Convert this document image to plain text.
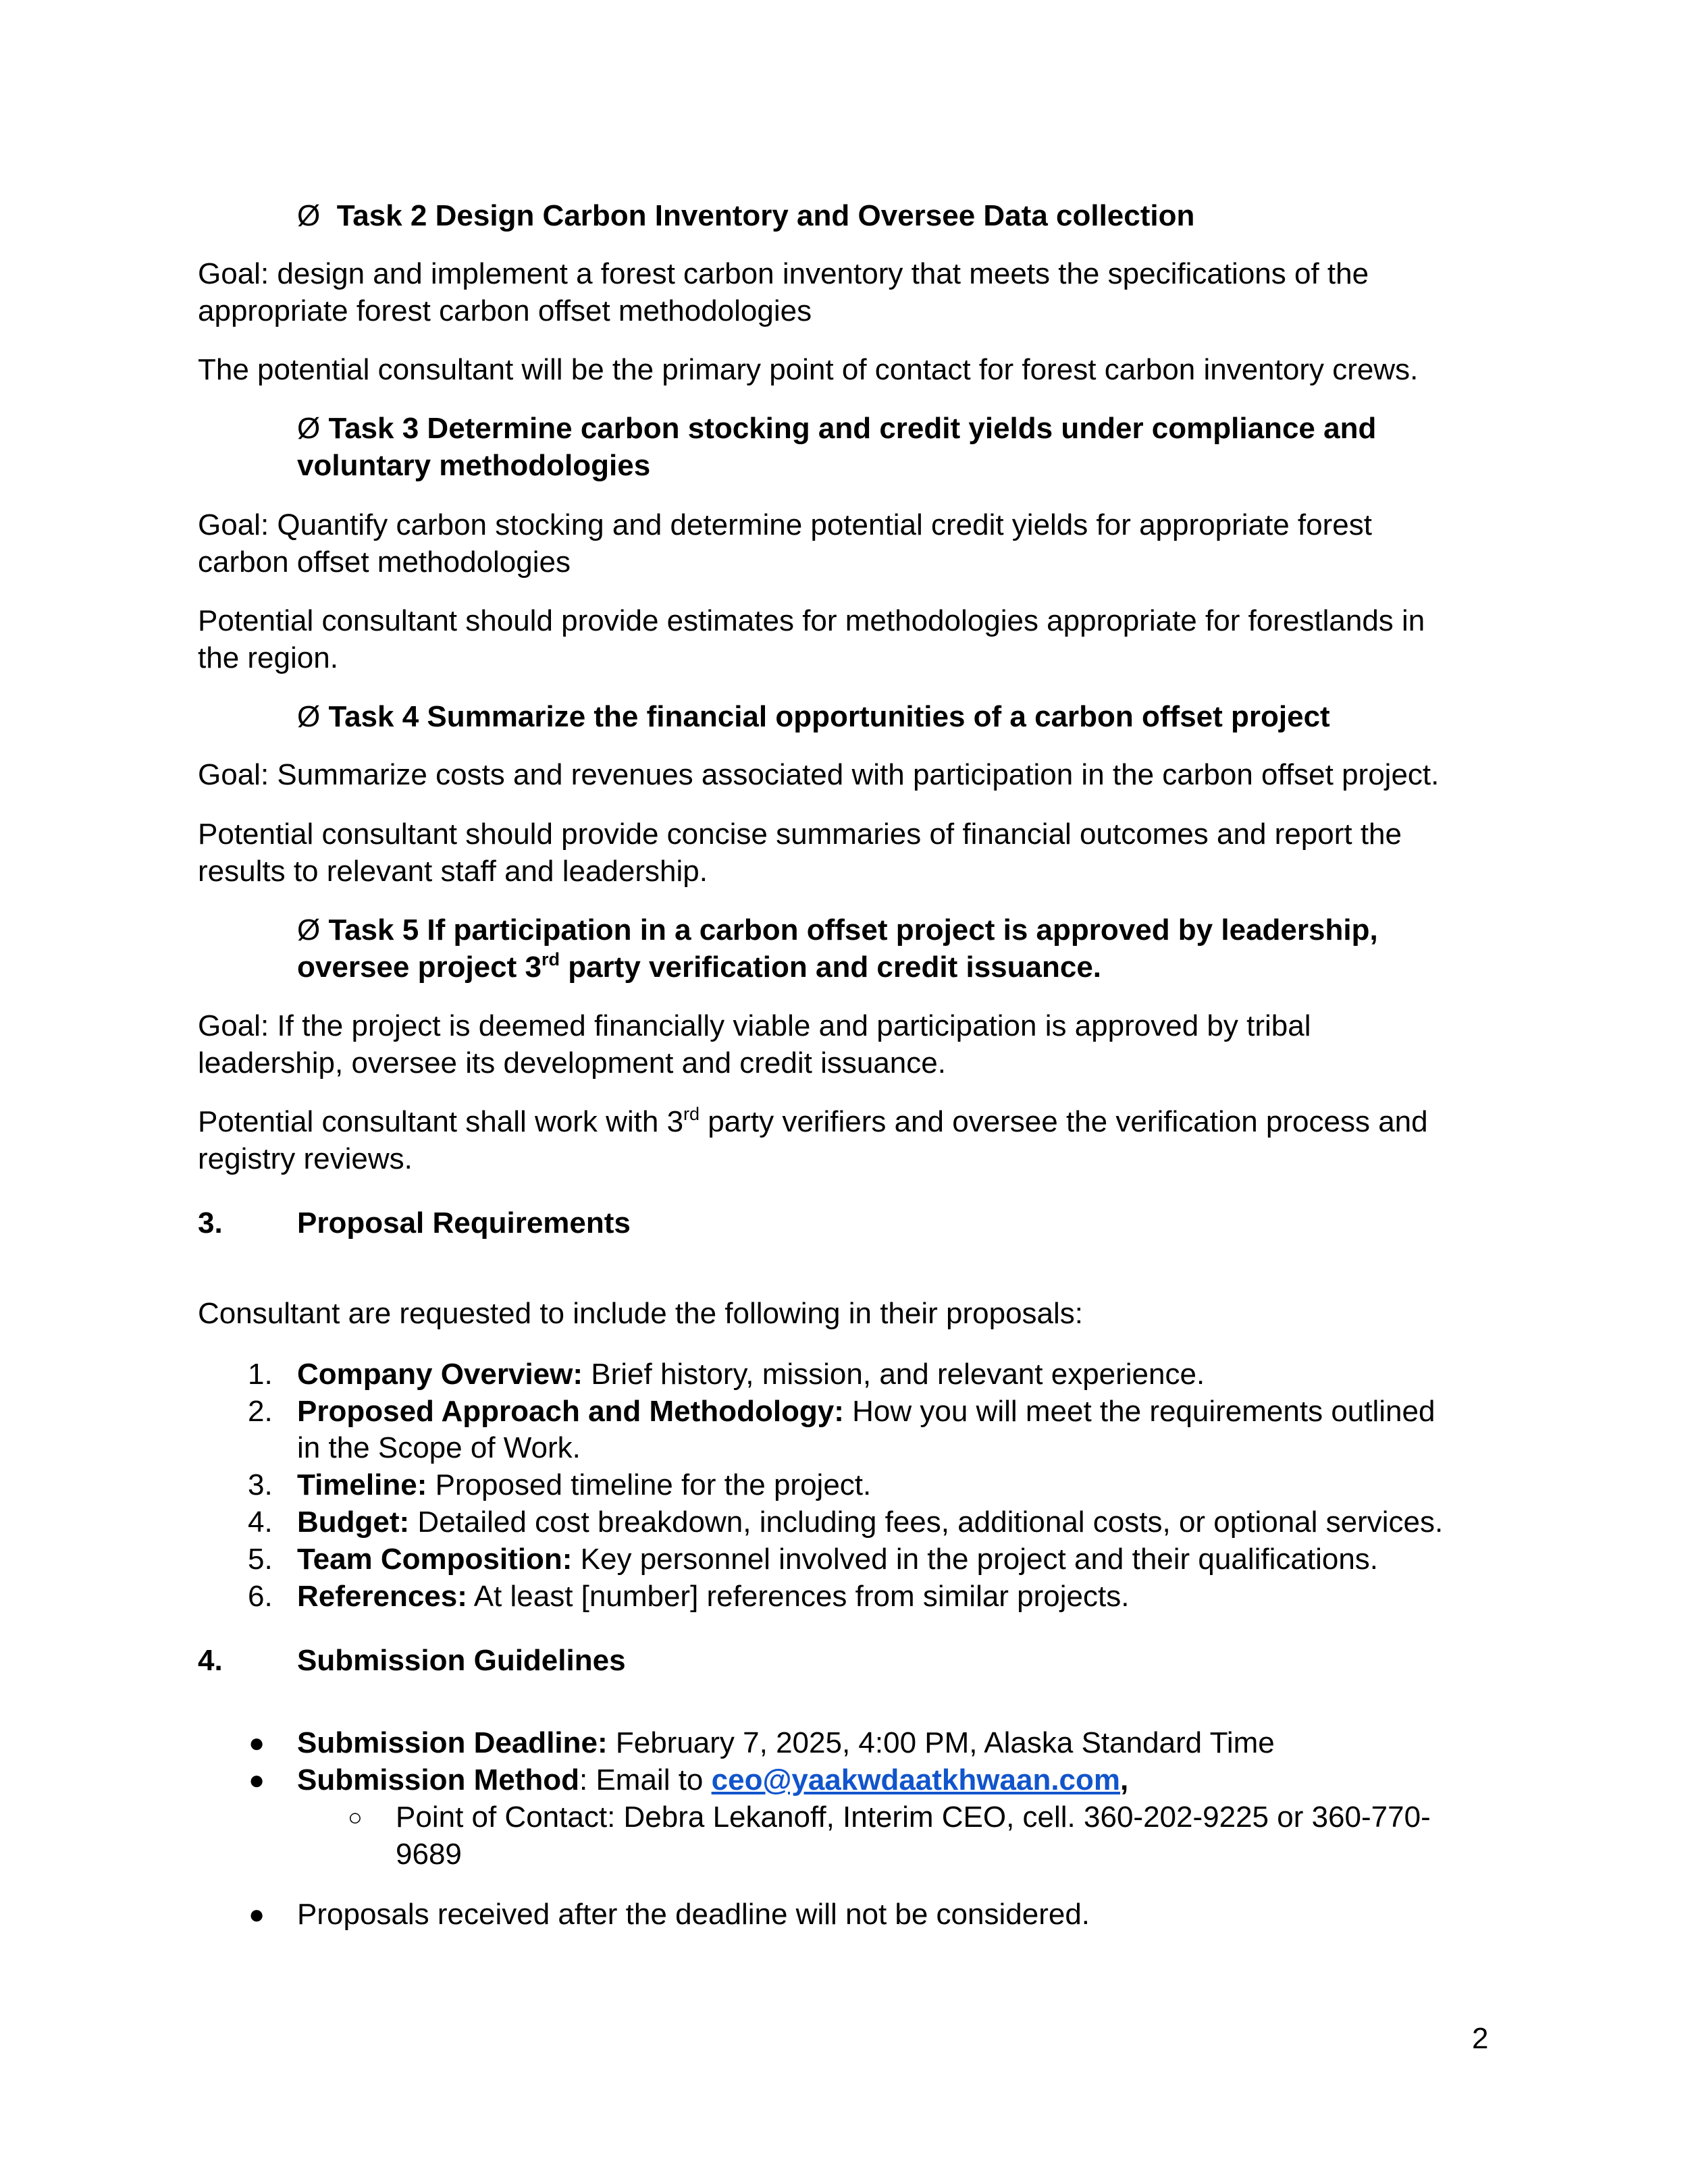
Ø Task 2 Design Carbon Inventory and Oversee Data collection

Goal: design and implement a forest carbon inventory that meets the specifications of the

appropriate forest carbon offset methodologies

The potential consultant will be the primary point of contact for forest carbon inventory crews.

Ø Task 3 Determine carbon stocking and credit yields under compliance and

voluntary methodologies

Goal: Quantify carbon stocking and determine potential credit yields for appropriate forest

carbon offset methodologies

Potential consultant should provide estimates for methodologies appropriate for forestlands in

the region.

Ø Task 4 Summarize the financial opportunities of a carbon offset project

Goal: Summarize costs and revenues associated with participation in the carbon offset project.

Potential consultant should provide concise summaries of financial outcomes and report the

results to relevant staff and leadership.

Ø Task 5 If participation in a carbon offset project is approved by leadership,

oversee project 3rd party verification and credit issuance.

Goal: If the project is deemed financially viable and participation is approved by tribal

leadership, oversee its development and credit issuance.

Potential consultant shall work with 3rd party verifiers and oversee the verification process and

registry reviews.

3.	Proposal Requirements

Consultant are requested to include the following in their proposals:

1. Company Overview: Brief history, mission, and relevant experience.

2. Proposed Approach and Methodology: How you will meet the requirements outlined

in the Scope of Work.

3. Timeline: Proposed timeline for the project.

4. Budget: Detailed cost breakdown, including fees, additional costs, or optional services.

5. Team Composition: Key personnel involved in the project and their qualifications.

6. References: At least [number] references from similar projects.

4.	Submission Guidelines

● Submission Deadline: February 7, 2025, 4:00 PM, Alaska Standard Time

● Submission Method: Email to ceo@yaakwdaatkhwaan.com,

○ Point of Contact: Debra Lekanoff, Interim CEO, cell. 360-202-9225 or 360-770-

9689

● Proposals received after the deadline will not be considered.

2
